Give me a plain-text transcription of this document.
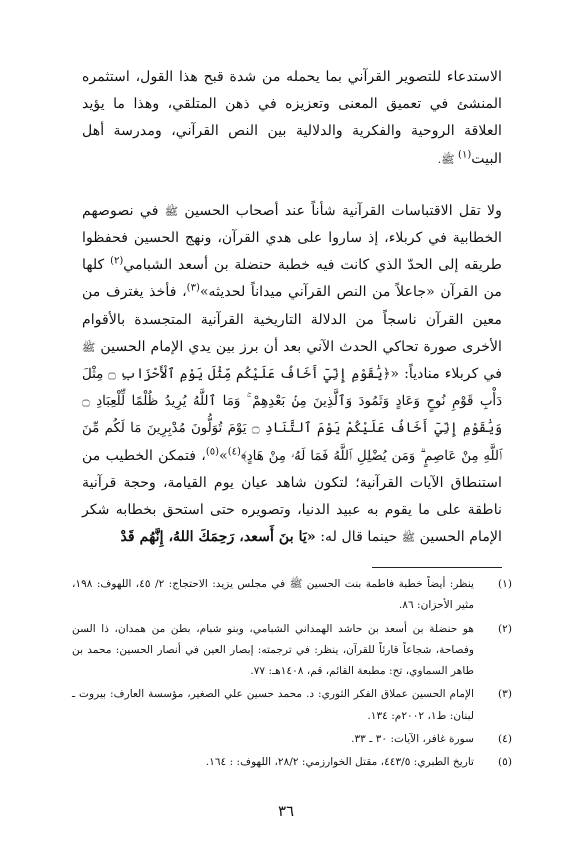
الاستدعاء للتصوير القرآني بما يحمله من شدة قبح هذا القول، استثمره المنشئ في تعميق المعنى وتعزيزه في ذهن المتلقي، وهذا ما يؤيد العلاقة الروحية والفكرية والدلالية بين النص القرآني، ومدرسة أهل البيت$^{(١)}$ ﷺ.

ولا تقل الاقتباسات القرآنية شأناً عند أصحاب الحسين ﷺ في نصوصهم الخطابية في كربلاء، إذ ساروا على هدي القرآن، ونهج الحسين فحفظوا طريقه إلى الحدّ الذي كانت فيه خطبة حنضلة بن أسعد الشبامي$^{(٢)}$ كلها من القرآن «جاعلاً من النص القرآني ميداناً لحديثه»$^{(٣)}$، فأخذ يغترف من معين القرآن ناسجاً من الدلالة التاريخية القرآنية المتجسدة بالأقوام الأخرى صورة تحاكي الحدث الآني بعد أن برز بين يدي الإمام الحسين ﷺ في كربلاء منادياً: «﴿يَٰقَوْمِ إِنِّيٓ أَخَافُ عَلَيْكُم مِّثْلَ يَوْمِ ٱلْأَحْزَابِ ۝ مِثْلَ دَأْبِ قَوْمِ نُوحٍ وَعَادٍ وَثَمُودَ وَٱلَّذِينَ مِنۢ بَعْدِهِمْ ۚ وَمَا ٱللَّهُ يُرِيدُ ظُلْمًا لِّلْعِبَادِ ۝ وَيَٰقَوْمِ إِنِّيٓ أَخَافُ عَلَيْكُمْ يَوْمَ ٱلتَّنَادِ ۝ يَوْمَ تُوَلُّونَ مُدْبِرِينَ مَا لَكُم مِّنَ ٱللَّهِ مِنْ عَاصِمٍ ۗ وَمَن يُضْلِلِ ٱللَّهُ فَمَا لَهُۥ مِنْ هَادٍ﴾$^{(٤)}$»$^{(٥)}$، فتمكن الخطيب من استنطاق الآيات القرآنية؛ لتكون شاهد عيان يوم القيامة، وحجة قرآنية ناطقة على ما يقوم به عبيد الدنيا، وتصويره حتى استحق بخطابه شكر الإمام الحسين ﷺ حينما قال له: «يَا بنَ أَسعد، رَحِمَكَ اللهُ، إِنَّهُم قَدْ

(١)
ينظر: أيضاً خطبة فاطمة بنت الحسين ﷺ في مجلس يزيد: الاحتجاج: ٢/ ٤٥، اللهوف: ١٩٨، مثير الأحزان: ٨٦.
(٢)
هو حنضلة بن أسعد بن حاشد الهمداني الشبامي، وبنو شبام، بطن من همدان، ذا السن وفصاحة، شجاعاً قارئاً للقرآن، ينظر: في ترجمته: إبصار العين في أنصار الحسين: محمد بن طاهر السماوي، تح: مطبعة القائم، قم، ١٤٠٨هـ: ٧٧.
(٣)
الإمام الحسين عملاق الفكر الثوري: د. محمد حسين علي الصغير، مؤسسة العارف: بيروت ـ لبنان: ط١، ٢٠٠٢م: ١٣٤.
(٤)
سورة غافر، الآيات: ٣٠ ـ ٣٣.
(٥)
تاريخ الطبري: ٤٤٣/٥، مقتل الخوارزمي: ٢٨/٢، اللهوف: : ١٦٤.
٣٦
